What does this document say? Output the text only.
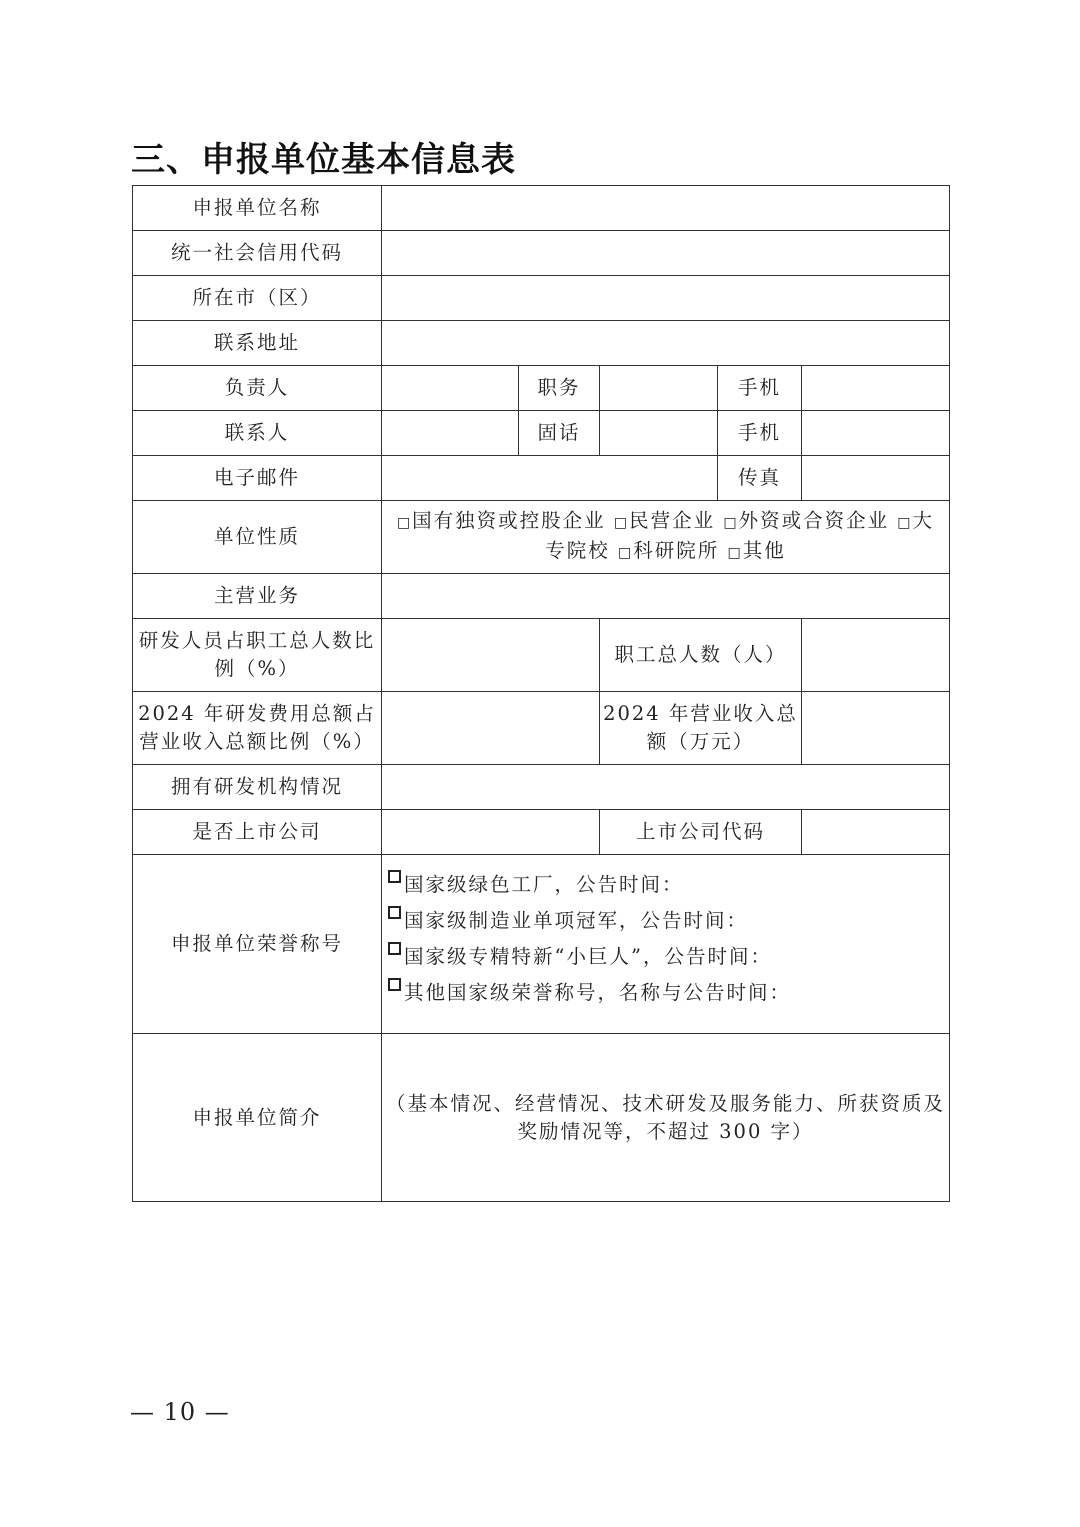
三、申报单位基本信息表
申报单位名称					
统一社会信用代码					
所在市（区）					
联系地址					
负责人		职务		手机	
联系人		固话		手机	
电子邮件				传真	
单位性质	□ 国有独资或控股企业 □ 民营企业 □ 外资或合资企业 □ 大
专院校 □ 科研院所 □ 其他				

主营业务					
研发人员占职工总人数比例（%）			职工总人数（人）		
2024 年研发费用总额占营业收入总额比例（%）			2024 年营业收入总额（万元）		
拥有研发机构情况					
是否上市公司			上市公司代码		
申报单位荣誉称号	国家级绿色工厂，公告时间：
国家级制造业单项冠军，公告时间：
国家级专精特新“小巨人”，公告时间：
其他国家级荣誉称号，名称与公告时间：				

申报单位简介	（基本情况、经营情况、技术研发及服务能力、所获资质及奖励情况等，不超过 300 字）				
— 10 —
